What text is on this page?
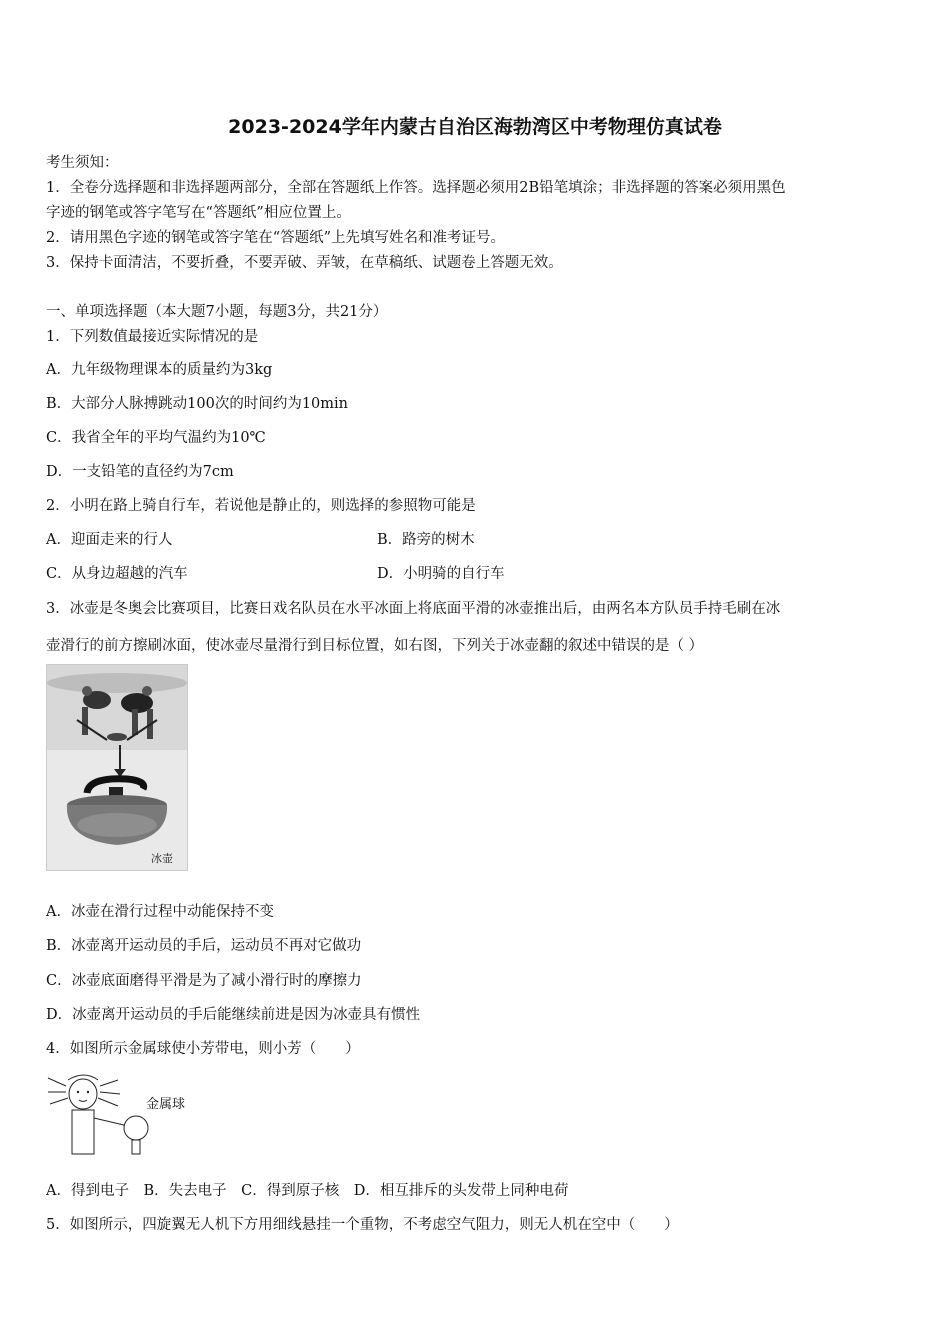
2023-2024学年内蒙古自治区海勃湾区中考物理仿真试卷
考生须知：
1．全卷分选择题和非选择题两部分，全部在答题纸上作答。选择题必须用2B铅笔填涂；非选择题的答案必须用黑色
字迹的钢笔或答字笔写在“答题纸”相应位置上。
2．请用黑色字迹的钢笔或答字笔在“答题纸”上先填写姓名和准考证号。
3．保持卡面清洁，不要折叠，不要弄破、弄皱，在草稿纸、试题卷上答题无效。
一、单项选择题（本大题7小题，每题3分，共21分）
1．下列数值最接近实际情况的是
A．九年级物理课本的质量约为3kg
B．大部分人脉搏跳动100次的时间约为10min
C．我省全年的平均气温约为10℃
D．一支铅笔的直径约为7cm
2．小明在路上骑自行车，若说他是静止的，则选择的参照物可能是
A．迎面走来的行人	B．路旁的树木
C．从身边超越的汽车	D．小明骑的自行车
3．冰壶是冬奥会比赛项目，比赛日戏名队员在水平冰面上将底面平滑的冰壶推出后，由两名本方队员手持毛刷在冰
壶滑行的前方擦刷冰面，使冰壶尽量滑行到目标位置，如右图，下列关于冰壶翻的叙述中错误的是（ ）
冰壶
A．冰壶在滑行过程中动能保持不变
B．冰壶离开运动员的手后，运动员不再对它做功
C．冰壶底面磨得平滑是为了减小滑行时的摩擦力
D．冰壶离开运动员的手后能继续前进是因为冰壶具有惯性
4．如图所示金属球使小芳带电，则小芳（　　）
金属球
A．得到电子　B．失去电子　C．得到原子核　D．相互排斥的头发带上同种电荷
5．如图所示，四旋翼无人机下方用细线悬挂一个重物，不考虑空气阻力，则无人机在空中（　　）
